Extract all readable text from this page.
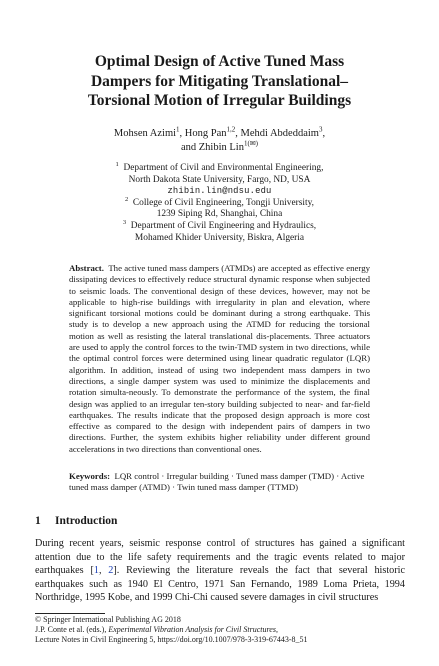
Optimal Design of Active Tuned Mass
Dampers for Mitigating Translational–
Torsional Motion of Irregular Buildings
Mohsen Azimi$^1$, Hong Pan$^{1,2}$, Mehdi Abdeddaim$^3$,
and Zhibin Lin$^{1(✉)}$
$^1$ Department of Civil and Environmental Engineering,
North Dakota State University, Fargo, ND, USA
zhibin.lin@ndsu.edu
$^2$ College of Civil Engineering, Tongji University,
1239 Siping Rd, Shanghai, China
$^3$ Department of Civil Engineering and Hydraulics,
Mohamed Khider University, Biskra, Algeria
Abstract. The active tuned mass dampers (ATMDs) are accepted as effective energy dissipating devices to effectively reduce structural dynamic response when subjected to seismic loads. The conventional design of these devices, however, may not be applicable to high-rise buildings with irregularity in plan and elevation, where significant torsional motions could be dominant during a strong earthquake. This study is to develop a new approach using the ATMD for reducing the torsional motion as well as resisting the lateral translational dis-placements. Three actuators are used to apply the control forces to the twin-TMD system in two directions, while the optimal control forces were determined using linear quadratic regulator (LQR) algorithm. In addition, instead of using two independent mass dampers in two directions, a single damper system was used to minimize the displacements and rotation simulta-neously. To demonstrate the performance of the system, the final design was applied to an irregular ten-story building subjected to near- and far-field earthquakes. The results indicate that the proposed design approach is more cost effective as compared to the design with independent pairs of dampers in two directions. Further, the system exhibits higher reliability under different ground accelerations in two directions than conventional ones.
Keywords: LQR control · Irregular building · Tuned mass damper (TMD) · Active tuned mass damper (ATMD) · Twin tuned mass damper (TTMD)
1 Introduction
During recent years, seismic response control of structures has gained a significant attention due to the life safety requirements and the tragic events related to major earthquakes [1, 2]. Reviewing the literature reveals the fact that several historic earthquakes such as 1940 El Centro, 1971 San Fernando, 1989 Loma Prieta, 1994 Northridge, 1995 Kobe, and 1999 Chi-Chi caused severe damages in civil structures
© Springer International Publishing AG 2018
J.P. Conte et al. (eds.), Experimental Vibration Analysis for Civil Structures,
Lecture Notes in Civil Engineering 5, https://doi.org/10.1007/978-3-319-67443-8_51
